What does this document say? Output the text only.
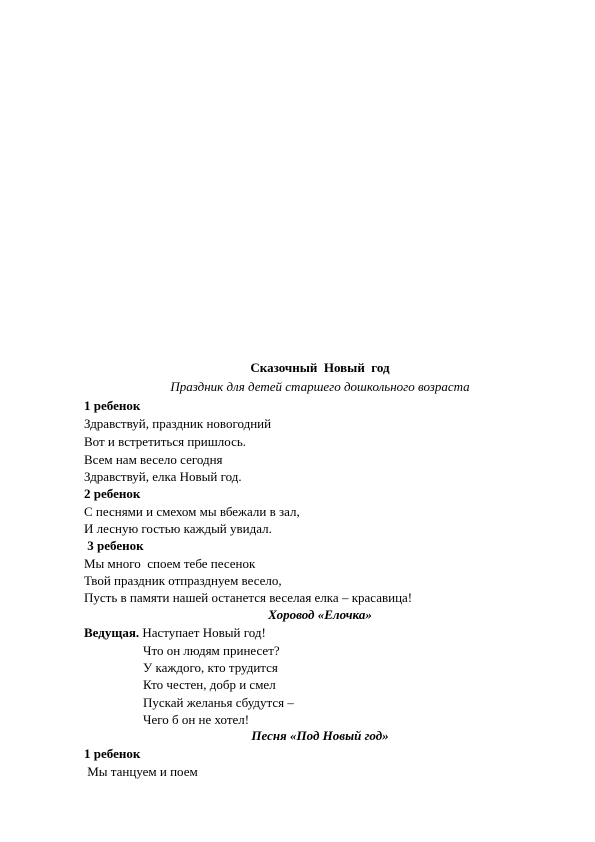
Сказочный  Новый  год
Праздник для детей старшего дошкольного возраста
1 ребенок
Здравствуй, праздник новогодний
Вот и встретиться пришлось.
Всем нам весело сегодня
Здравствуй, елка Новый год.
2 ребенок
С песнями и смехом мы вбежали в зал,
И лесную гостью каждый увидал.
3 ребенок
Мы много  споем тебе песенок
Твой праздник отпразднуем весело,
Пусть в памяти нашей останется веселая елка – красавица!
Хоровод «Елочка»
Ведущая. Наступает Новый год!
Что он людям принесет?
У каждого, кто трудится
Кто честен, добр и смел
Пускай желанья сбудутся –
Чего б он не хотел!
Песня «Под Новый год»
1 ребенок
Мы танцуем и поем
